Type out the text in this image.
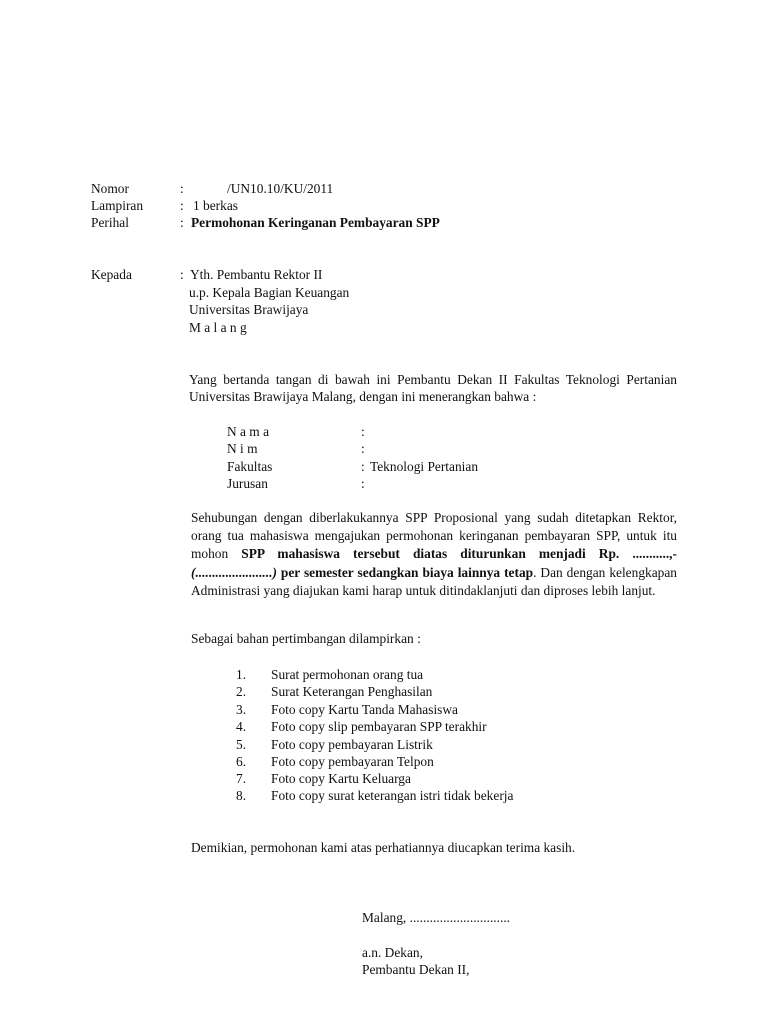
Nomor	:	/UN10.10/KU/2011
Lampiran	: 1 berkas
Perihal	: Permohonan Keringanan Pembayaran SPP
Kepada	: Yth. Pembantu Rektor II
u.p. Kepala Bagian Keuangan
Universitas Brawijaya
M a l a n g
Yang bertanda tangan di bawah ini Pembantu Dekan II Fakultas Teknologi Pertanian Universitas Brawijaya Malang, dengan ini menerangkan bahwa :
N a m a	:
N i m	:
Fakultas	: Teknologi Pertanian
Jurusan	:
Sehubungan dengan diberlakukannya SPP Proposional yang sudah ditetapkan Rektor, orang tua mahasiswa mengajukan permohonan keringanan pembayaran SPP, untuk itu mohon SPP mahasiswa tersebut diatas diturunkan menjadi Rp. ...........,- (.......................) per semester sedangkan biaya lainnya tetap. Dan dengan kelengkapan Administrasi yang diajukan kami harap untuk ditindaklanjuti dan diproses lebih lanjut.
Sebagai bahan pertimbangan dilampirkan :
1. Surat permohonan orang tua
2. Surat Keterangan Penghasilan
3. Foto copy Kartu Tanda Mahasiswa
4. Foto copy slip pembayaran SPP terakhir
5. Foto copy pembayaran Listrik
6. Foto copy pembayaran Telpon
7. Foto copy Kartu Keluarga
8. Foto copy surat keterangan istri tidak bekerja
Demikian, permohonan kami atas perhatiannya diucapkan terima kasih.
Malang, ..............................
a.n. Dekan,
Pembantu Dekan II,
